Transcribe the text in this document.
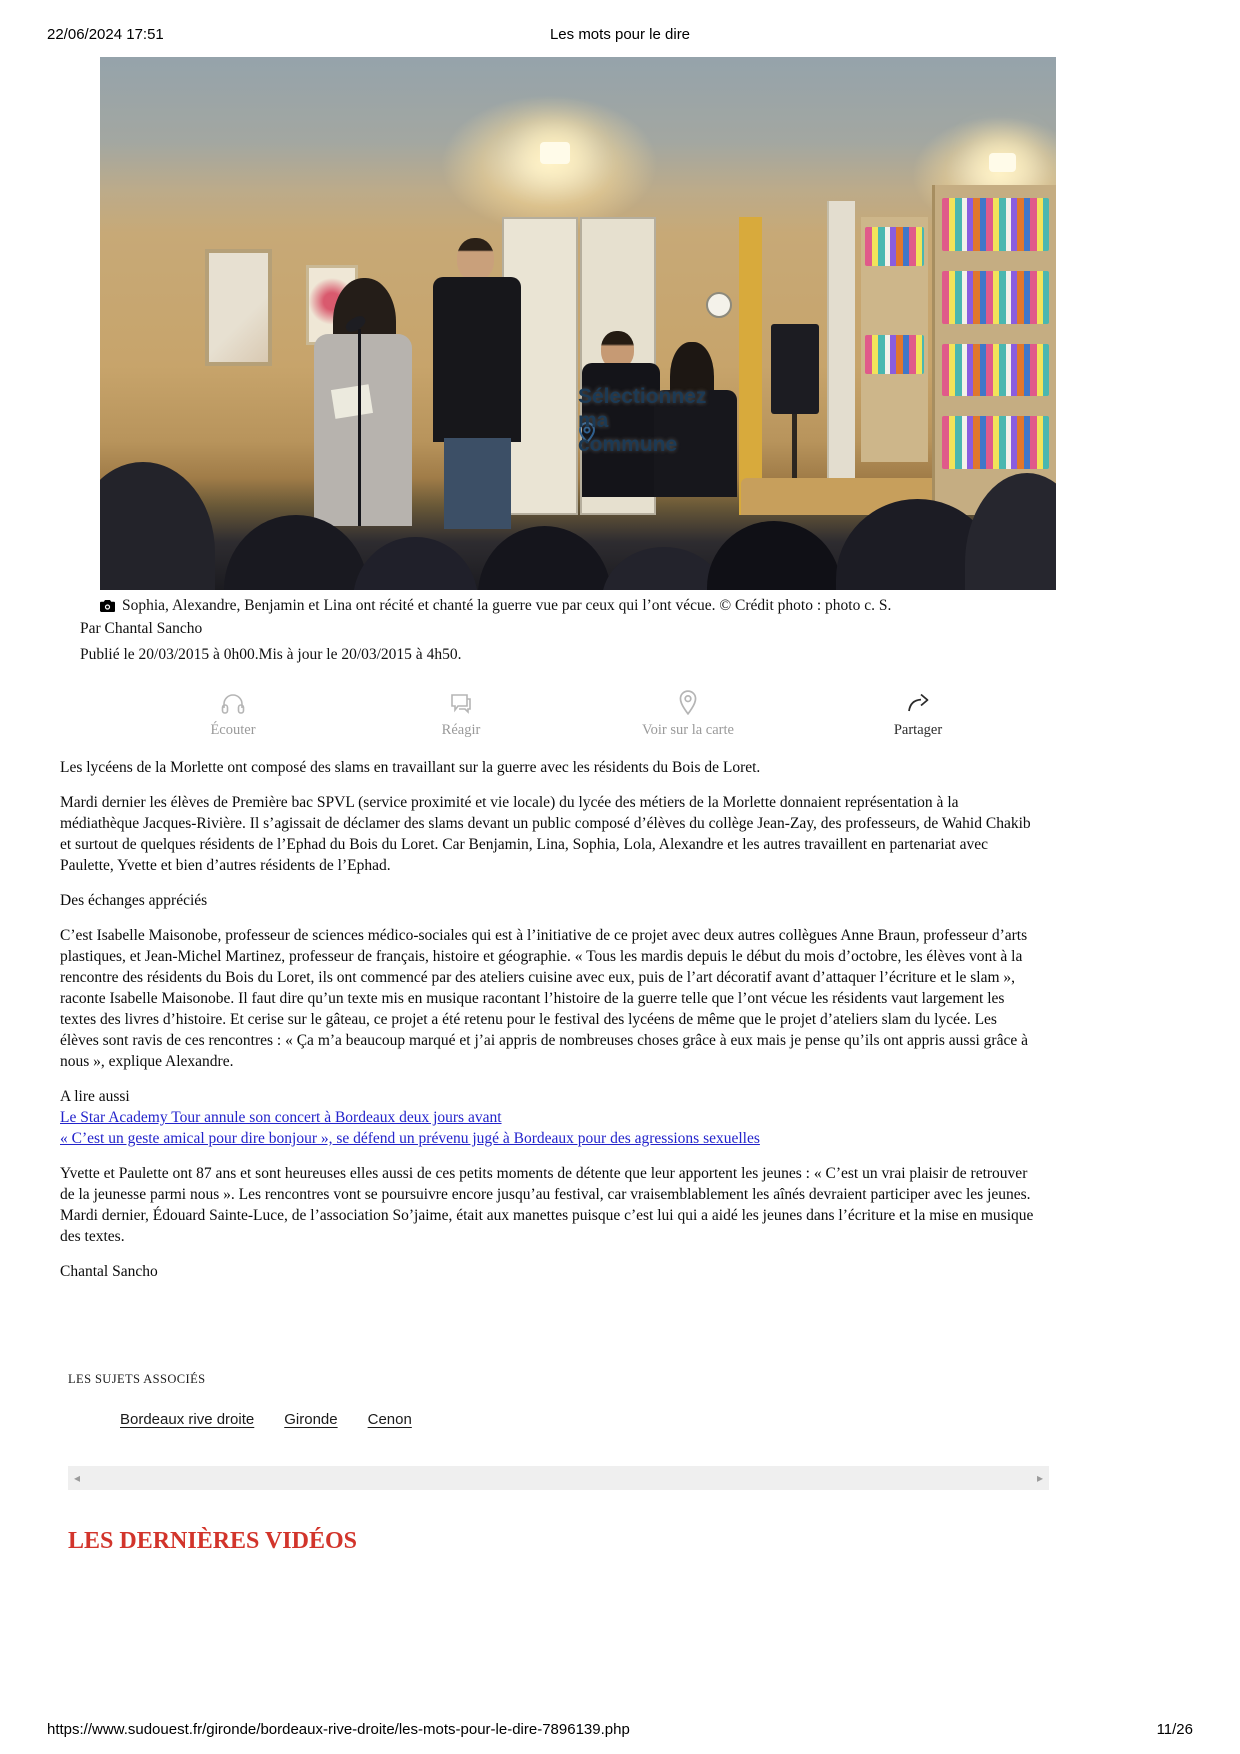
22/06/2024 17:51	Les mots pour le dire
Sélectionnez ma commune
Sophia, Alexandre, Benjamin et Lina ont récité et chanté la guerre vue par ceux qui l’ont vécue. © Crédit photo : photo c. S.
Par Chantal Sancho
Publié le 20/03/2015 à 0h00.Mis à jour le 20/03/2015 à 4h50.
Écouter	Réagir	Voir sur la carte	Partager

Les lycéens de la Morlette ont composé des slams en travaillant sur la guerre avec les résidents du Bois de Loret.

Mardi dernier les élèves de Première bac SPVL (service proximité et vie locale) du lycée des métiers de la Morlette donnaient représentation à la médiathèque Jacques-Rivière. Il s’agissait de déclamer des slams devant un public composé d’élèves du collège Jean-Zay, des professeurs, de Wahid Chakib et surtout de quelques résidents de l’Ephad du Bois du Loret. Car Benjamin, Lina, Sophia, Lola, Alexandre et les autres travaillent en partenariat avec Paulette, Yvette et bien d’autres résidents de l’Ephad.

Des échanges appréciés

C’est Isabelle Maisonobe, professeur de sciences médico-sociales qui est à l’initiative de ce projet avec deux autres collègues Anne Braun, professeur d’arts plastiques, et Jean-Michel Martinez, professeur de français, histoire et géographie. « Tous les mardis depuis le début du mois d’octobre, les élèves vont à la rencontre des résidents du Bois du Loret, ils ont commencé par des ateliers cuisine avec eux, puis de l’art décoratif avant d’attaquer l’écriture et le slam », raconte Isabelle Maisonobe. Il faut dire qu’un texte mis en musique racontant l’histoire de la guerre telle que l’ont vécue les résidents vaut largement les textes des livres d’histoire. Et cerise sur le gâteau, ce projet a été retenu pour le festival des lycéens de même que le projet d’ateliers slam du lycée. Les élèves sont ravis de ces rencontres : « Ça m’a beaucoup marqué et j’ai appris de nombreuses choses grâce à eux mais je pense qu’ils ont appris aussi grâce à nous », explique Alexandre.

A lire aussi

Le Star Academy Tour annule son concert à Bordeaux deux jours avant
« C’est un geste amical pour dire bonjour », se défend un prévenu jugé à Bordeaux pour des agressions sexuelles

Yvette et Paulette ont 87 ans et sont heureuses elles aussi de ces petits moments de détente que leur apportent les jeunes : « C’est un vrai plaisir de retrouver de la jeunesse parmi nous ». Les rencontres vont se poursuivre encore jusqu’au festival, car vraisemblablement les aînés devraient participer avec les jeunes. Mardi dernier, Édouard Sainte-Luce, de l’association So’jaime, était aux manettes puisque c’est lui qui a aidé les jeunes dans l’écriture et la mise en musique des textes.

Chantal Sancho

LES SUJETS ASSOCIÉS
Bordeaux rive droite Gironde Cenon
◂	▸
LES DERNIÈRES VIDÉOS
https://www.sudouest.fr/gironde/bordeaux-rive-droite/les-mots-pour-le-dire-7896139.php	11/26
